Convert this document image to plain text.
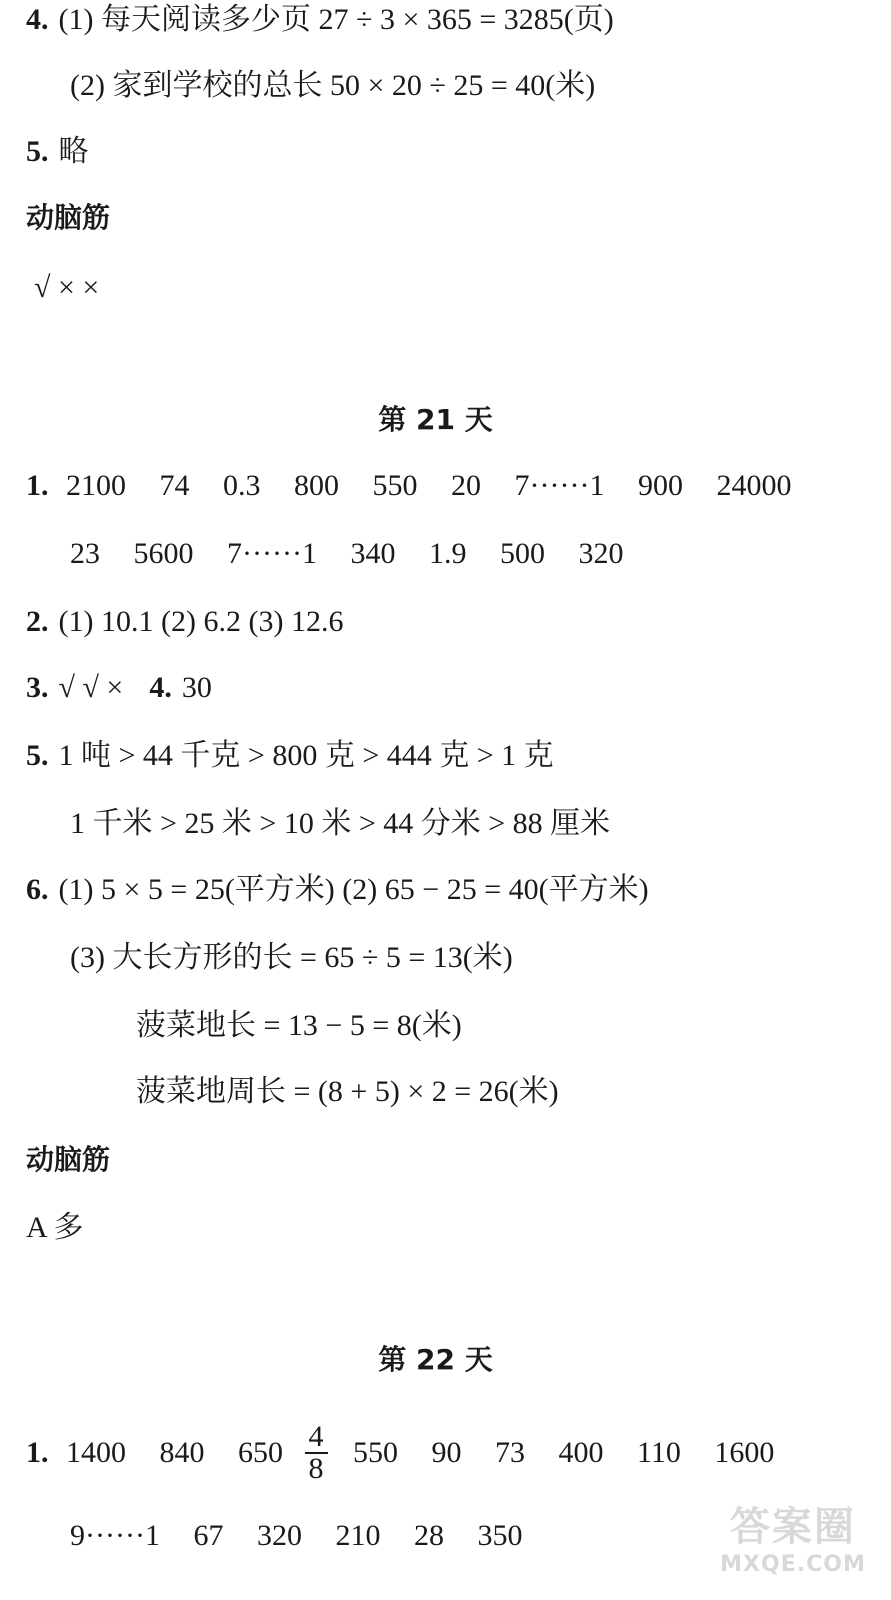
4. (1) 每天阅读多少页 27 ÷ 3 × 365 = 3285(页)
(2) 家到学校的总长 50 × 20 ÷ 25 = 40(米)
5. 略
动脑筋
√ × ×
第 21 天
1. 2100 74 0.3 800 550 20 7······1 900 24000
23 5600 7······1 340 1.9 500 320
2. (1) 10.1 (2) 6.2 (3) 12.6
3. √ √ × 4. 30
5. 1 吨 > 44 千克 > 800 克 > 444 克 > 1 克
1 千米 > 25 米 > 10 米 > 44 分米 > 88 厘米
6. (1) 5 × 5 = 25(平方米) (2) 65 − 25 = 40(平方米)
(3) 大长方形的长 = 65 ÷ 5 = 13(米)
菠菜地长 = 13 − 5 = 8(米)
菠菜地周长 = (8 + 5) × 2 = 26(米)
动脑筋
A 多
第 22 天
1. 1400 840 $650 \frac{4}{8} 550$ 90 73 400 110 1600
9······1 67 320 210 28 350	答案圈
MXQE.COM
